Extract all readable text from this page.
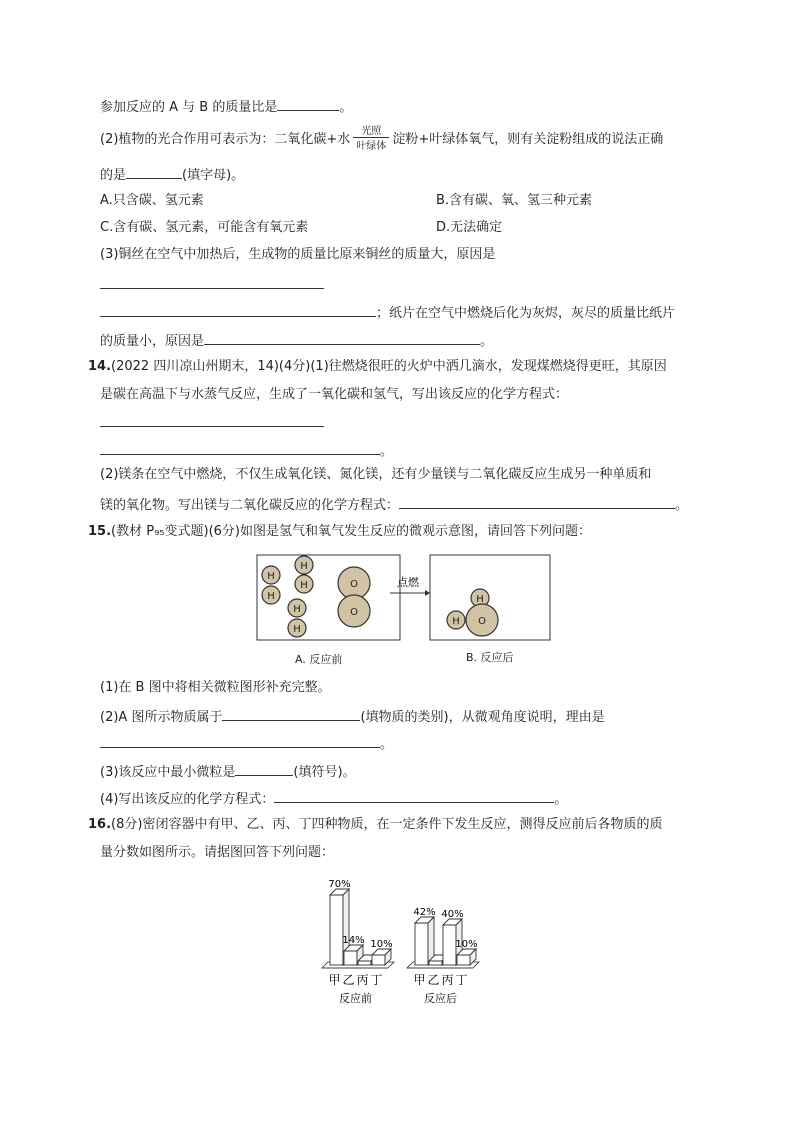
参加反应的 A 与 B 的质量比是	。
(2)植物的光合作用可表示为：二氧化碳+水
光照
叶绿体 淀粉+叶绿体氧气，则有关淀粉组成的说法正确
的是	(填字母)。
A.只含碳、氢元素	B.含有碳、氧、氢三种元素
C.含有碳、氢元素，可能含有氧元素	D.无法确定
(3)铜丝在空气中加热后，生成物的质量比原来铜丝的质量大，原因是
；纸片在空气中燃烧后化为灰烬，灰尽的质量比纸片
的质量小，原因是	。
14.(2022 四川凉山州期末，14)(4分)(1)往燃烧很旺的火炉中洒几滴水，发现煤燃烧得更旺，其原因
是碳在高温下与水蒸气反应，生成了一氧化碳和氢气，写出该反应的化学方程式：
。
(2)镁条在空气中燃烧，不仅生成氧化镁、氮化镁，还有少量镁与二氧化碳反应生成另一种单质和
镁的氧化物。写出镁与二氧化碳反应的化学方程式：	。
15.(教材 P₉₅变式题)(6分)如图是氢气和氧气发生反应的微观示意图，请回答下列问题：
H
H
H
H
H
H
O
O
H
H O
点燃
A. 反应前	B. 反应后
(1)在 B 图中将相关微粒图形补充完整。
(2)A 图所示物质属于	(填物质的类别)，从微观角度说明，理由是
。
(3)该反应中最小微粒是	(填符号)。
(4)写出该反应的化学方程式：	。
16.(8分)密闭容器中有甲、乙、丙、丁四种物质，在一定条件下发生反应，测得反应前后各物质的质
量分数如图所示。请据图回答下列问题：
70%
14% 10%
42% 40%
10%
甲 乙 丙 丁
反应前
甲 乙 丙 丁
反应后
